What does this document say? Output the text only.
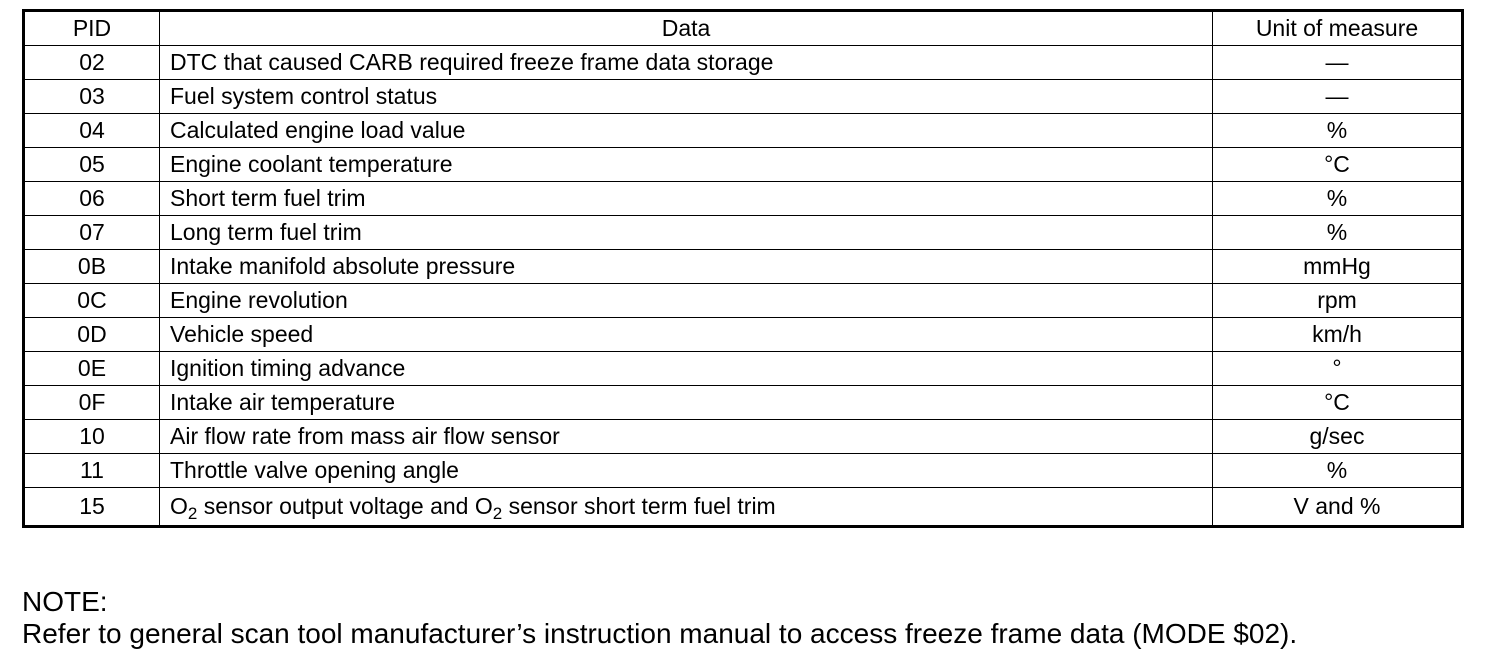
PID	Data	Unit of measure
02	DTC that caused CARB required freeze frame data storage	—
03	Fuel system control status	—
04	Calculated engine load value	%
05	Engine coolant temperature	°C
06	Short term fuel trim	%
07	Long term fuel trim	%
0B	Intake manifold absolute pressure	mmHg
0C	Engine revolution	rpm
0D	Vehicle speed	km/h
0E	Ignition timing advance	°
0F	Intake air temperature	°C
10	Air flow rate from mass air flow sensor	g/sec
11	Throttle valve opening angle	%
15	$O_2$ sensor output voltage and $O_2$ sensor short term fuel trim	V and %
NOTE:
Refer to general scan tool manufacturer’s instruction manual to access freeze frame data (MODE $02).
